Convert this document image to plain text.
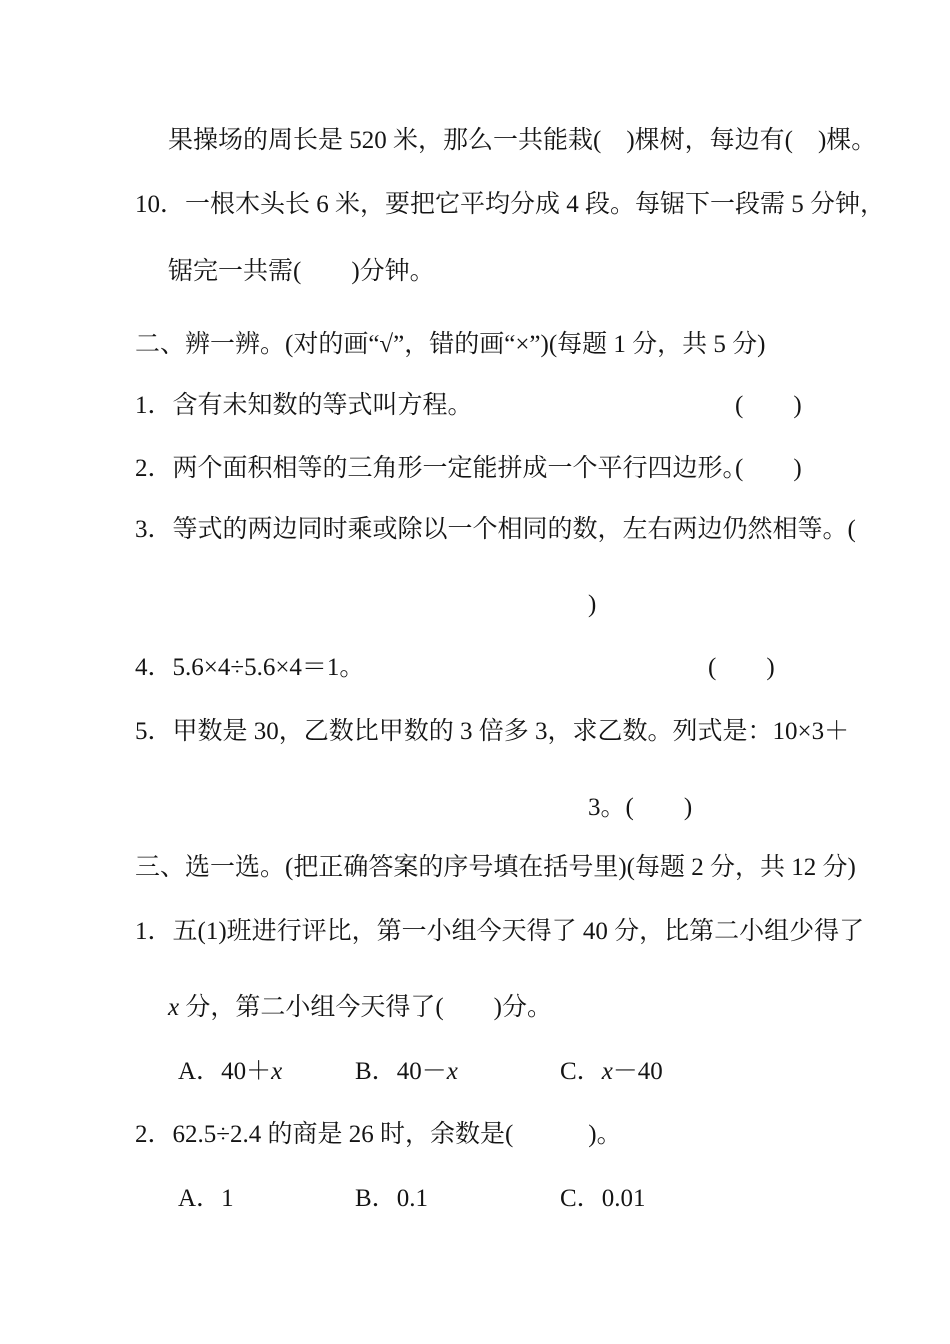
果操场的周长是 520 米，那么一共能栽(　)棵树，每边有(　)棵。
10．一根木头长 6 米，要把它平均分成 4 段。每锯下一段需 5 分钟，
锯完一共需(　　)分钟。
二、辨一辨。(对的画“√”，错的画“×”)(每题 1 分，共 5 分)
1．含有未知数的等式叫方程。	(　　)
2．两个面积相等的三角形一定能拼成一个平行四边形。
(　　)
3．等式的两边同时乘或除以一个相同的数，左右两边仍然相等。(
)
4．5.6×4÷5.6×4＝1。	(　　)
5．甲数是 30，乙数比甲数的 3 倍多 3，求乙数。列式是：10×3＋
3。(　　)
三、选一选。(把正确答案的序号填在括号里)(每题 2 分，共 12 分)
1．五(1)班进行评比，第一小组今天得了 40 分，比第二小组少得了
x 分，第二小组今天得了(　　)分。
A．40＋x	B．40－x	C．x－40
2．62.5÷2.4 的商是 26 时，余数是(　　　)。
A．1	B．0.1	C．0.01
